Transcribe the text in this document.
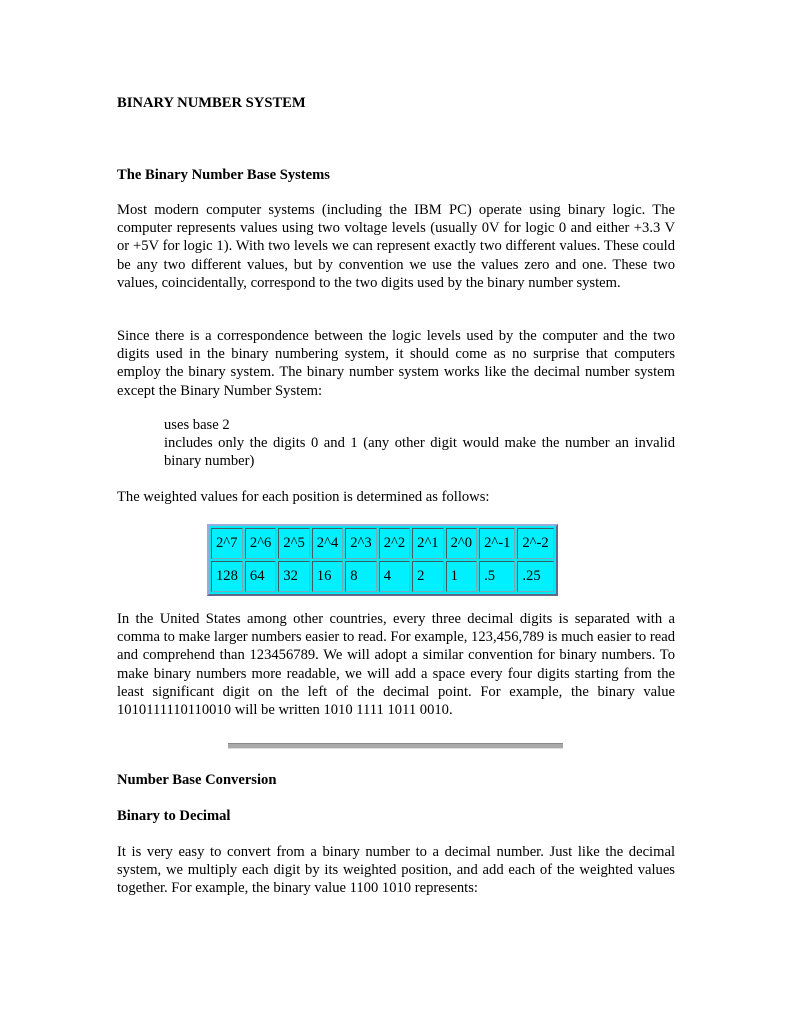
BINARY NUMBER SYSTEM

The Binary Number Base Systems

Most modern computer systems (including the IBM PC) operate using binary logic. The computer represents values using two voltage levels (usually 0V for logic 0 and either +3.3 V or +5V for logic 1). With two levels we can represent exactly two different values. These could be any two different values, but by convention we use the values zero and one. These two values, coincidentally, correspond to the two digits used by the binary number system.

Since there is a correspondence between the logic levels used by the computer and the two digits used in the binary numbering system, it should come as no surprise that computers employ the binary system. The binary number system works like the decimal number system except the Binary Number System:

uses base 2

includes only the digits 0 and 1 (any other digit would make the number an invalid binary number)

The weighted values for each position is determined as follows:

2^7	2^6	2^5	2^4	2^3	2^2	2^1	2^0	2^-1	2^-2
128	64	32	16	8	4	2	1	.5	.25

In the United States among other countries, every three decimal digits is separated with a comma to make larger numbers easier to read. For example, 123,456,789 is much easier to read and comprehend than 123456789. We will adopt a similar convention for binary numbers. To make binary numbers more readable, we will add a space every four digits starting from the least significant digit on the left of the decimal point. For example, the binary value 1010111110110010 will be written 1010 1111 1011 0010.

Number Base Conversion

Binary to Decimal

It is very easy to convert from a binary number to a decimal number. Just like the decimal system, we multiply each digit by its weighted position, and add each of the weighted values together. For example, the binary value 1100 1010 represents:
